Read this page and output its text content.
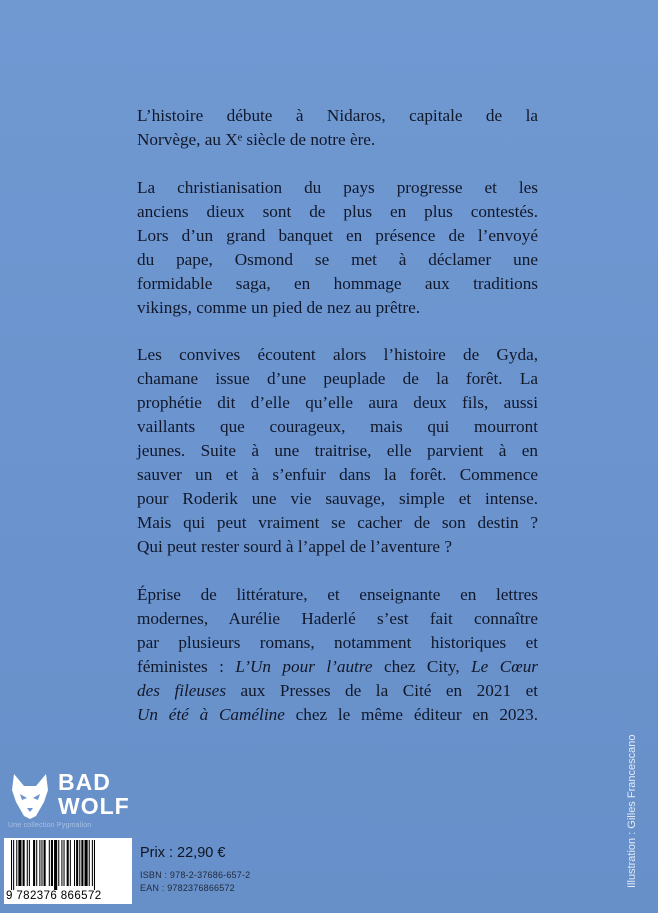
L’histoire débute à Nidaros, capitale de la

Norvège, au Xᵉ siècle de notre ère.

La christianisation du pays progresse et les

anciens dieux sont de plus en plus contestés.

Lors d’un grand banquet en présence de l’envoyé

du pape, Osmond se met à déclamer une

formidable saga, en hommage aux traditions

vikings, comme un pied de nez au prêtre.

Les convives écoutent alors l’histoire de Gyda,

chamane issue d’une peuplade de la forêt. La

prophétie dit d’elle qu’elle aura deux fils, aussi

vaillants que courageux, mais qui mourront

jeunes. Suite à une traitrise, elle parvient à en

sauver un et à s’enfuir dans la forêt. Commence

pour Roderik une vie sauvage, simple et intense.

Mais qui peut vraiment se cacher de son destin ?

Qui peut rester sourd à l’appel de l’aventure ?

Éprise de littérature, et enseignante en lettres

modernes, Aurélie Haderlé s’est fait connaître

par plusieurs romans, notamment historiques et

féministes : L’Un pour l’autre chez City, Le Cœur

des fileuses aux Presses de la Cité en 2021 et

Un été à Caméline chez le même éditeur en 2023.

BAD
WOLF
Une collection Pygmalion
9 782376 866572
Prix : 22,90 €
ISBN : 978-2-37686-657-2
EAN : 9782376866572	Illustration : Gilles Francescano
